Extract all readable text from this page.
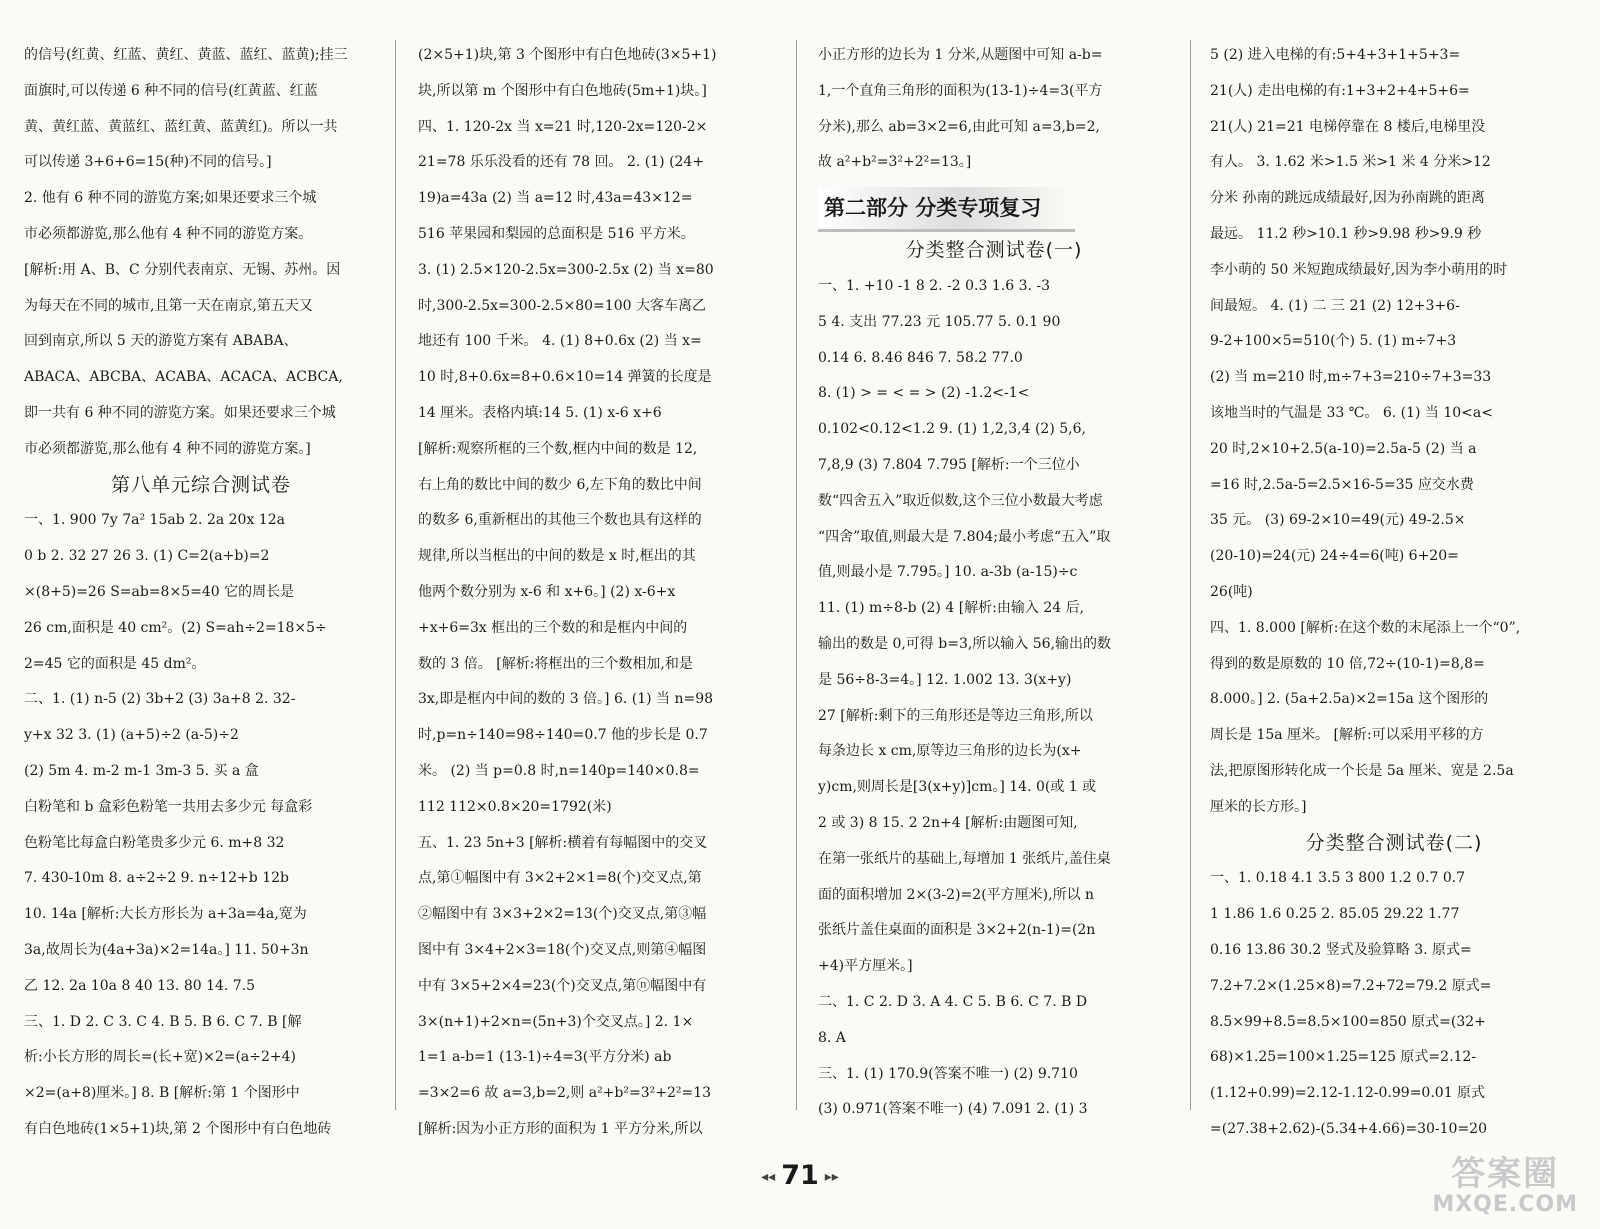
的信号(红黄、红蓝、黄红、黄蓝、蓝红、蓝黄);挂三
面旗时,可以传递 6 种不同的信号(红黄蓝、红蓝
黄、黄红蓝、黄蓝红、蓝红黄、蓝黄红)。所以一共
可以传递 3+6+6=15(种)不同的信号。]
2. 他有 6 种不同的游览方案;如果还要求三个城
市必须都游览,那么他有 4 种不同的游览方案。
[解析:用 A、B、C 分别代表南京、无锡、苏州。因
为每天在不同的城市,且第一天在南京,第五天又
回到南京,所以 5 天的游览方案有 ABABA、
ABACA、ABCBA、ACABA、ACACA、ACBCA,
即一共有 6 种不同的游览方案。如果还要求三个城
市必须都游览,那么他有 4 种不同的游览方案。]
第八单元综合测试卷
一、1. 900 7y 7a² 15ab 2. 2a 20x 12a
0 b 2. 32 27 26 3. (1) C=2(a+b)=2
×(8+5)=26 S=ab=8×5=40 它的周长是
26 cm,面积是 40 cm²。(2) S=ah÷2=18×5÷
2=45 它的面积是 45 dm²。
二、1. (1) n-5 (2) 3b+2 (3) 3a+8 2. 32-
y+x 32 3. (1) (a+5)÷2 (a-5)÷2
(2) 5m 4. m-2 m-1 3m-3 5. 买 a 盒
白粉笔和 b 盒彩色粉笔一共用去多少元 每盒彩
色粉笔比每盒白粉笔贵多少元 6. m+8 32
7. 430-10m 8. a÷2÷2 9. n÷12+b 12b
10. 14a [解析:大长方形长为 a+3a=4a,宽为
3a,故周长为(4a+3a)×2=14a。] 11. 50+3n
乙 12. 2a 10a 8 40 13. 80 14. 7.5
三、1. D 2. C 3. C 4. B 5. B 6. C 7. B [解
析:小长方形的周长=(长+宽)×2=(a÷2+4)
×2=(a+8)厘米。] 8. B [解析:第 1 个图形中
有白色地砖(1×5+1)块,第 2 个图形中有白色地砖
(2×5+1)块,第 3 个图形中有白色地砖(3×5+1)
块,所以第 m 个图形中有白色地砖(5m+1)块。]
四、1. 120-2x 当 x=21 时,120-2x=120-2×
21=78 乐乐没看的还有 78 回。 2. (1) (24+
19)a=43a (2) 当 a=12 时,43a=43×12=
516 苹果园和梨园的总面积是 516 平方米。
3. (1) 2.5×120-2.5x=300-2.5x (2) 当 x=80
时,300-2.5x=300-2.5×80=100 大客车离乙
地还有 100 千米。 4. (1) 8+0.6x (2) 当 x=
10 时,8+0.6x=8+0.6×10=14 弹簧的长度是
14 厘米。表格内填:14 5. (1) x-6 x+6
[解析:观察所框的三个数,框内中间的数是 12,
右上角的数比中间的数少 6,左下角的数比中间
的数多 6,重新框出的其他三个数也具有这样的
规律,所以当框出的中间的数是 x 时,框出的其
他两个数分别为 x-6 和 x+6。] (2) x-6+x
+x+6=3x 框出的三个数的和是框内中间的
数的 3 倍。 [解析:将框出的三个数相加,和是
3x,即是框内中间的数的 3 倍。] 6. (1) 当 n=98
时,p=n÷140=98÷140=0.7 他的步长是 0.7
米。 (2) 当 p=0.8 时,n=140p=140×0.8=
112 112×0.8×20=1792(米)
五、1. 23 5n+3 [解析:横着有每幅图中的交叉
点,第①幅图中有 3×2+2×1=8(个)交叉点,第
②幅图中有 3×3+2×2=13(个)交叉点,第③幅
图中有 3×4+2×3=18(个)交叉点,则第④幅图
中有 3×5+2×4=23(个)交叉点,第ⓝ幅图中有
3×(n+1)+2×n=(5n+3)个交叉点。] 2. 1×
1=1 a-b=1 (13-1)÷4=3(平方分米) ab
=3×2=6 故 a=3,b=2,则 a²+b²=3²+2²=13
[解析:因为小正方形的面积为 1 平方分米,所以
小正方形的边长为 1 分米,从题图中可知 a-b=
1,一个直角三角形的面积为(13-1)÷4=3(平方
分米),那么 ab=3×2=6,由此可知 a=3,b=2,
故 a²+b²=3²+2²=13。]
第二部分 分类专项复习
分类整合测试卷(一)
一、1. +10 -1 8 2. -2 0.3 1.6 3. -3
5 4. 支出 77.23 元 105.77 5. 0.1 90
0.14 6. 8.46 846 7. 58.2 77.0
8. (1) > = < = > (2) -1.2<-1<
0.102<0.12<1.2 9. (1) 1,2,3,4 (2) 5,6,
7,8,9 (3) 7.804 7.795 [解析:一个三位小
数“四舍五入”取近似数,这个三位小数最大考虑
“四舍”取值,则最大是 7.804;最小考虑“五入”取
值,则最小是 7.795。] 10. a-3b (a-15)÷c
11. (1) m÷8-b (2) 4 [解析:由输入 24 后,
输出的数是 0,可得 b=3,所以输入 56,输出的数
是 56÷8-3=4。] 12. 1.002 13. 3(x+y)
27 [解析:剩下的三角形还是等边三角形,所以
每条边长 x cm,原等边三角形的边长为(x+
y)cm,则周长是[3(x+y)]cm。] 14. 0(或 1 或
2 或 3) 8 15. 2 2n+4 [解析:由题图可知,
在第一张纸片的基础上,每增加 1 张纸片,盖住桌
面的面积增加 2×(3-2)=2(平方厘米),所以 n
张纸片盖住桌面的面积是 3×2+2(n-1)=(2n
+4)平方厘米。]
二、1. C 2. D 3. A 4. C 5. B 6. C 7. B D
8. A
三、1. (1) 170.9(答案不唯一) (2) 9.710
(3) 0.971(答案不唯一) (4) 7.091 2. (1) 3
5 (2) 进入电梯的有:5+4+3+1+5+3=
21(人) 走出电梯的有:1+3+2+4+5+6=
21(人) 21=21 电梯停靠在 8 楼后,电梯里没
有人。 3. 1.62 米>1.5 米>1 米 4 分米>12
分米 孙南的跳远成绩最好,因为孙南跳的距离
最远。 11.2 秒>10.1 秒>9.98 秒>9.9 秒
李小萌的 50 米短跑成绩最好,因为李小萌用的时
间最短。 4. (1) 二 三 21 (2) 12+3+6-
9-2+100×5=510(个) 5. (1) m÷7+3
(2) 当 m=210 时,m÷7+3=210÷7+3=33
该地当时的气温是 33 ℃。 6. (1) 当 10<a<
20 时,2×10+2.5(a-10)=2.5a-5 (2) 当 a
=16 时,2.5a-5=2.5×16-5=35 应交水费
35 元。 (3) 69-2×10=49(元) 49-2.5×
(20-10)=24(元) 24÷4=6(吨) 6+20=
26(吨)
四、1. 8.000 [解析:在这个数的末尾添上一个“0”,
得到的数是原数的 10 倍,72÷(10-1)=8,8=
8.000。] 2. (5a+2.5a)×2=15a 这个图形的
周长是 15a 厘米。 [解析:可以采用平移的方
法,把原图形转化成一个长是 5a 厘米、宽是 2.5a
厘米的长方形。]
分类整合测试卷(二)
一、1. 0.18 4.1 3.5 3 800 1.2 0.7 0.7
1 1.86 1.6 0.25 2. 85.05 29.22 1.77
0.16 13.86 30.2 竖式及验算略 3. 原式=
7.2+7.2×(1.25×8)=7.2+72=79.2 原式=
8.5×99+8.5=8.5×100=850 原式=(32+
68)×1.25=100×1.25=125 原式=2.12-
(1.12+0.99)=2.12-1.12-0.99=0.01 原式
=(27.38+2.62)-(5.34+4.66)=30-10=20
◂◂ 71 ▸▸	答案圈
MXQE.COM
